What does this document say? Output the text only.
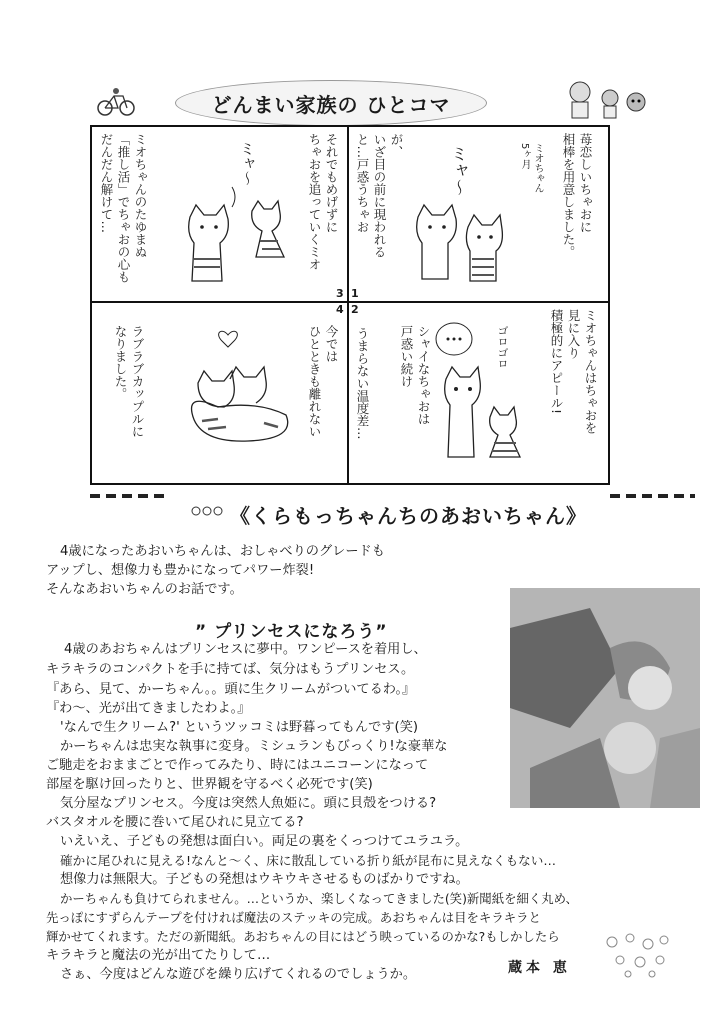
どんまい家族の ひとコマ
苺恋しいちゃおに
相棒を用意しました。
ミオちゃん
5ヶ月
ミャ〜
が、
いざ目の前に現われる
と…戸惑うちゃお
それでもめげずに
ちゃおを追っていくミオ
ミャ〜
ミオちゃんのたゆまぬ
「推し活」でちゃおの心も
だんだん解けて…
ミオちゃんはちゃおを
見に入り
積極的にアピール!
ゴロゴロ
シャイなちゃおは
戸惑い続け
うまらない温度差…
今では
ひとときも離れない
ラブラブカップルに
なりました。
3 1
4 2
《くらもっちゃんちのあおいちゃん》
4歳になったあおいちゃんは、おしゃべりのグレードも
アップし、想像力も豊かになってパワー炸裂!
そんなあおいちゃんのお話です。
” プリンセスになろう”
4歳のあおちゃんはプリンセスに夢中。ワンピースを着用し、
キラキラのコンパクトを手に持てば、気分はもうプリンセス。
『あら、見て、かーちゃん。。頭に生クリームがついてるわ。』
『わ〜、光が出てきましたわよ。』
'なんで生クリーム?' というツッコミは野暮ってもんです(笑)
かーちゃんは忠実な執事に変身。ミシュランもびっくり!な豪華な
ご馳走をおままごとで作ってみたり、時にはユニコーンになって
部屋を駆け回ったりと、世界観を守るべく必死です(笑)
気分屋なプリンセス。今度は突然人魚姫に。頭に貝殻をつける?
バスタオルを腰に巻いて尾ひれに見立てる?
いえいえ、子どもの発想は面白い。両足の裏をくっつけてユラユラ。
確かに尾ひれに見える!なんと～く、床に散乱している折り紙が昆布に見えなくもない…
想像力は無限大。子どもの発想はウキウキさせるものばかりですね。
かーちゃんも負けてられません。…というか、楽しくなってきました(笑)新聞紙を細く丸め、
先っぽにすずらんテープを付ければ魔法のステッキの完成。あおちゃんは目をキラキラと
輝かせてくれます。ただの新聞紙。あおちゃんの目にはどう映っているのかな?もしかしたら
キラキラと魔法の光が出てたりして…
さぁ、今度はどんな遊びを繰り広げてくれるのでしょうか。	蔵本 恵
